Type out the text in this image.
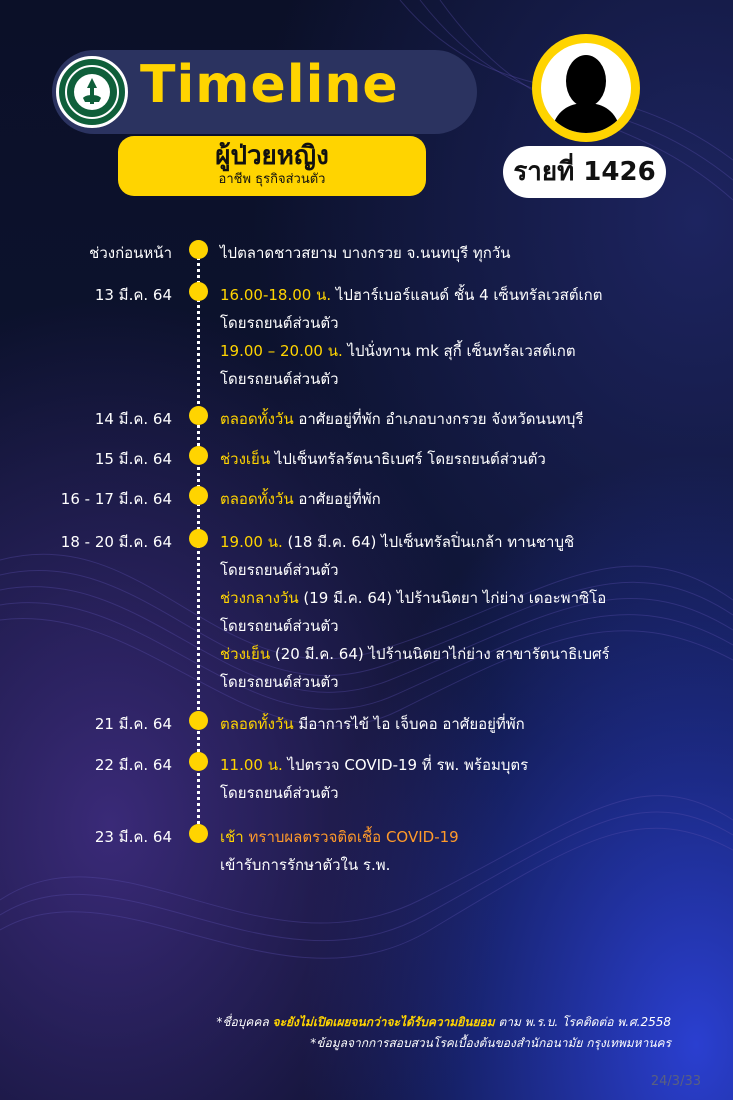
Timeline
ผู้ป่วยหญิง
อาชีพ ธุรกิจส่วนตัว	รายที่ 1426
ช่วงก่อนหน้า	ไปตลาดชาวสยาม บางกรวย จ.นนทบุรี ทุกวัน
13 มี.ค. 64	16.00-18.00 น. ไปฮาร์เบอร์แลนด์ ชั้น 4 เซ็นทรัลเวสต์เกต
โดยรถยนต์ส่วนตัว
19.00 – 20.00 น. ไปนั่งทาน mk สุกี้ เซ็นทรัลเวสต์เกต
โดยรถยนต์ส่วนตัว
14 มี.ค. 64	ตลอดทั้งวัน อาศัยอยู่ที่พัก อำเภอบางกรวย จังหวัดนนทบุรี
15 มี.ค. 64	ช่วงเย็น ไปเซ็นทรัลรัตนาธิเบศร์ โดยรถยนต์ส่วนตัว
16 - 17 มี.ค. 64	ตลอดทั้งวัน อาศัยอยู่ที่พัก
18 - 20 มี.ค. 64	19.00 น. (18 มี.ค. 64) ไปเซ็นทรัลปิ่นเกล้า ทานชาบูชิ
โดยรถยนต์ส่วนตัว
ช่วงกลางวัน (19 มี.ค. 64) ไปร้านนิตยา ไก่ย่าง เดอะพาซิโอ
โดยรถยนต์ส่วนตัว
ช่วงเย็น (20 มี.ค. 64) ไปร้านนิตยาไก่ย่าง สาขารัตนาธิเบศร์
โดยรถยนต์ส่วนตัว
21 มี.ค. 64	ตลอดทั้งวัน มีอาการไข้ ไอ เจ็บคอ อาศัยอยู่ที่พัก
22 มี.ค. 64	11.00 น. ไปตรวจ COVID-19 ที่ รพ. พร้อมบุตร
โดยรถยนต์ส่วนตัว
23 มี.ค. 64	เช้า ทราบผลตรวจติดเชื้อ COVID-19
เข้ารับการรักษาตัวใน ร.พ.
*ชื่อบุคคล จะยังไม่เปิดเผยจนกว่าจะได้รับความยินยอม ตาม พ.ร.บ. โรคติดต่อ พ.ศ.2558
*ข้อมูลจากการสอบสวนโรคเบื้องต้นของสำนักอนามัย กรุงเทพมหานคร
24/3/33
